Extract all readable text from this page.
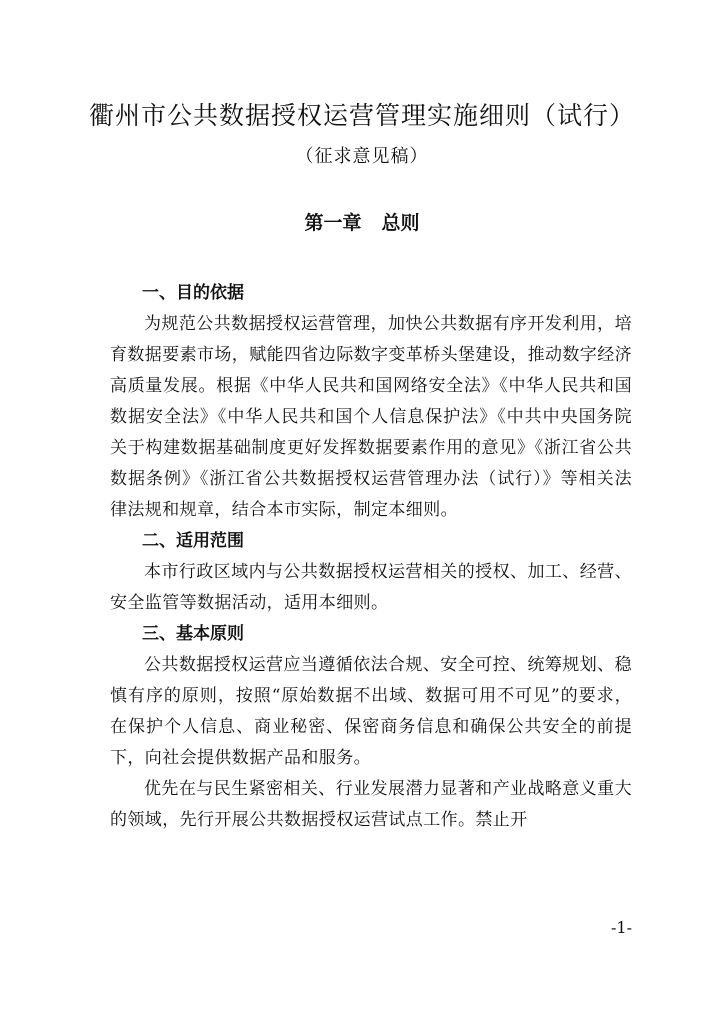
衢州市公共数据授权运营管理实施细则（试行）
（征求意见稿）
第一章 总则
一、目的依据

为规范公共数据授权运营管理，加快公共数据有序开发利用，培育数据要素市场，赋能四省边际数字变革桥头堡建设，推动数字经济高质量发展。根据《中华人民共和国网络安全法》《中华人民共和国数据安全法》《中华人民共和国个人信息保护法》《中共中央国务院关于构建数据基础制度更好发挥数据要素作用的意见》《浙江省公共数据条例》《浙江省公共数据授权运营管理办法（试行）》等相关法律法规和规章，结合本市实际，制定本细则。

二、适用范围

本市行政区域内与公共数据授权运营相关的授权、加工、经营、安全监管等数据活动，适用本细则。

三、基本原则

公共数据授权运营应当遵循依法合规、安全可控、统筹规划、稳慎有序的原则，按照“原始数据不出域、数据可用不可见”的要求，在保护个人信息、商业秘密、保密商务信息和确保公共安全的前提下，向社会提供数据产品和服务。

优先在与民生紧密相关、行业发展潜力显著和产业战略意义重大的领域，先行开展公共数据授权运营试点工作。禁止开

-1-
